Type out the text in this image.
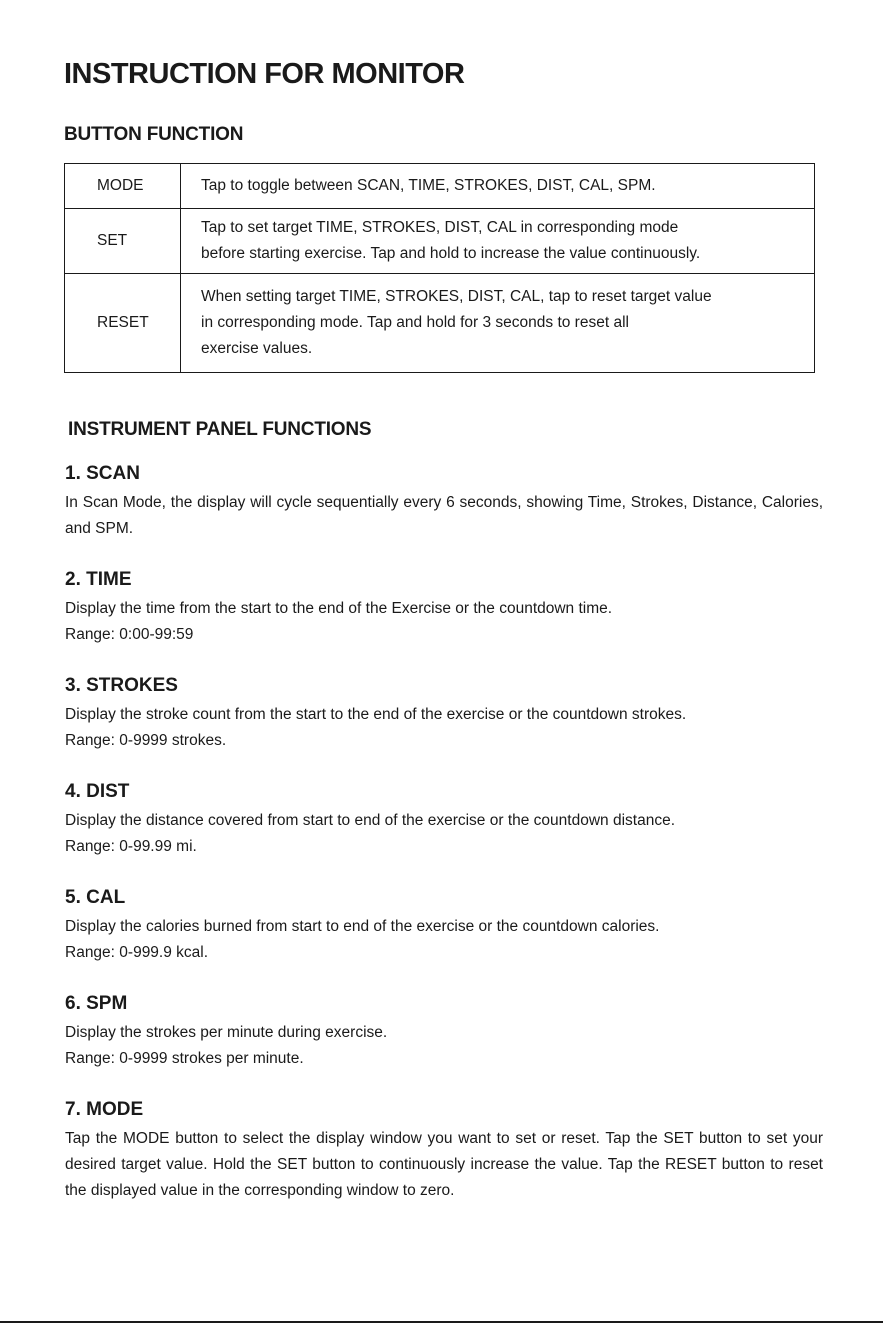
INSTRUCTION FOR MONITOR
BUTTON FUNCTION
MODE	Tap to toggle between SCAN, TIME, STROKES, DIST, CAL, SPM.

SET	Tap to set target TIME, STROKES, DIST, CAL in corresponding mode
before starting exercise. Tap and hold to increase the value continuously.

RESET	When setting target TIME, STROKES, DIST, CAL, tap to reset target value
in corresponding mode. Tap and hold for 3 seconds to reset all
exercise values.
INSTRUMENT PANEL FUNCTIONS
1. SCAN

In Scan Mode, the display will cycle sequentially every 6 seconds, showing Time, Strokes, Distance, Calories, and SPM.

2. TIME

Display the time from the start to the end of the Exercise or the countdown time.

Range: 0:00-99:59

3. STROKES

Display the stroke count from the start to the end of the exercise or the countdown strokes.

Range: 0-9999 strokes.

4. DIST

Display the distance covered from start to end of the exercise or the countdown distance.

Range: 0-99.99 mi.

5. CAL

Display the calories burned from start to end of the exercise or the countdown calories.

Range: 0-999.9 kcal.

6. SPM

Display the strokes per minute during exercise.

Range: 0-9999 strokes per minute.

7. MODE

Tap the MODE button to select the display window you want to set or reset. Tap the SET button to set your desired target value. Hold the SET button to continuously increase the value. Tap the RESET button to reset the displayed value in the corresponding window to zero.
